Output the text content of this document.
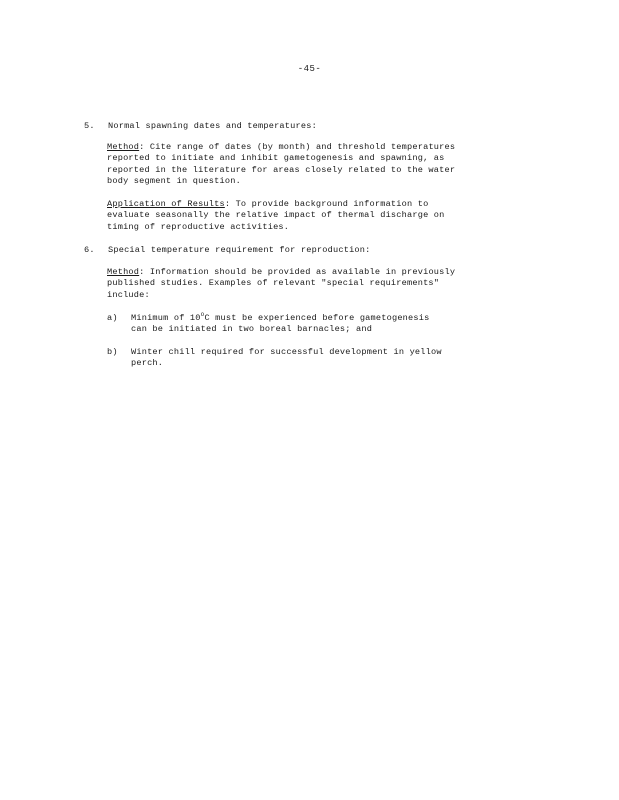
-45-
5. Normal spawning dates and temperatures:
Method: Cite range of dates (by month) and threshold temperatures
reported to initiate and inhibit gametogenesis and spawning, as
reported in the literature for areas closely related to the water
body segment in question.
Application of Results: To provide background information to
evaluate seasonally the relative impact of thermal discharge on
timing of reproductive activities.
6. Special temperature requirement for reproduction:
Method: Information should be provided as available in previously
published studies. Examples of relevant "special requirements"
include:
a) Minimum of 10$^o$C must be experienced before gametogenesis
can be initiated in two boreal barnacles; and
b) Winter chill required for successful development in yellow
perch.
